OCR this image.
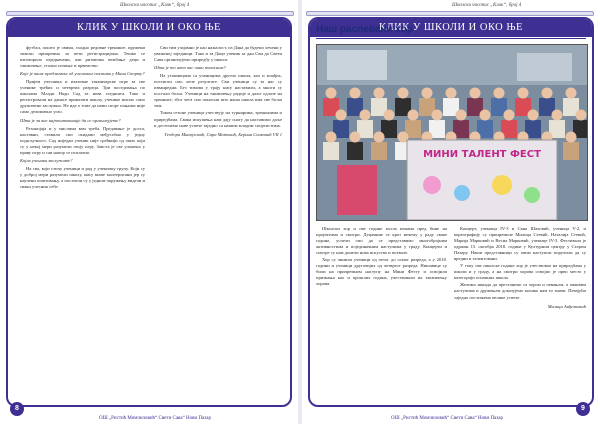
Школски часопис „Клик“, број 4
КЛИК У ШКОЛИ И ОКО ЊЕ

футбал, пошто је свима, сходно редовне тренинге, пружени тимско припремно за пети регистрацијама. Тешко се изговорило изједначени, али ритмичко вежбање деци и такмичење, стално почиње и првенство.

Које је ваше предлагање од учеличког постава у Мини Спорту?

Пријем учесника и изазовне такмичарске игре за све ученике трећих и четвртих разреда. Три поседовања по школама Млади Нади Сад за нова гледишта. Тако и регистровали на данасе приказати школу, ученике нисмо само друштвено заслужно. Не иде о томе да нови спорт поњима није само делимично угао.

Шта је за вас најпоштованије да се организујете?

Реалнојаја и у мислима вам треба. Предавање је доста, наставни, ставили смо скидамо међусобно у једну подкључност. Сад ниједан ученик није срећнији од оних који су у некој мери разумели своју игру. Заиста је све уложено у праву игру и сав напор се исплатио.

Којих ученика заслужите?

На сва, који стичу ученици и рад у ученичку групу. Који су у доброј мери разумели школу, нису више малтерисани јер су научени поштовању, а постигли су у једном окружењу видели и сваки учесник себе.

Сви тим узајамно је као нажалост, из Дана да будемо лечени у уваженој заједници. Тако и за Даци ученик за дан Сви да Свети Сава организујемо приредбу у школи.

Шта је то што вас чини поносним?

На утакмицама са ученицима других школа, као и млађих, постигли смо лепе резултате. Сви ученици су за нас су изванредни. Без тимова у трају нису наставили, а многи су постали бољи. Ученици на такмичењу радије и даље одлазе на тренинге, због чега смо поносни што наша школа има све бољи тим.

Током сезоне ученици учествују на турнирима, тренинзима и приредбама. Свака искушења нам дају снагу да наставимо даље и досегнемо нове успехе заједно са нашим младим спортистима.

Теодора Манојловић, Сара Матовић, Берина Салковић VII 1
8
ОШ „Ристић Момчиловић“ Свети Сава“ Нови Пазар
Школски часопис „Клик“, број 4
КЛИК У ШКОЛИ И ОКО ЊЕ
Наш распевани хор
МИНИ ТАЛЕНТ ФЕСТ

Школски хор и ове године мсгла иенама пред бине на пројектима и смотри. Децамине се кроз нечему у раду сваке године, успели смо да се представимо многобројним активностима и појединачним наступима у граду. Концерти и смотре су нам донели нова искуства и похвале.

Хор су чинили ученици од петог до осмог разреда, а у 2018. години и ученици другачијих од четвртог разреда. Нишавице су били на припремном наступу на Мини Фесту и освојили признања као и прошлих година, учествовали на такмичењу хорова.

Концерт, ученици IV-3 и Сана Шаховић, ученица V-2, и кореографију су припремиле Милица Стевић, Наталија Стевић, Марија Марковић и Весна Марковић, ученице IV-3. Фестивала је одржан 15. октобра 2018. године у Културном центру у Старом Пазару. Наши представници су овим наступом поручили да су вредни и талентовани.

У току ове школске године хор је учествовао на приредбама у школи и у граду, а на смотри хорова освојио је прво место у категорији основних школа.

Желимо никада да престанемо са хором и певањем, а оваквим наступима и дружењем доказујемо колико нам то значи. Певајући заједно постижемо велике успехе.

Милица Анђелковић
9
ОШ „Ристић Момчиловић“ Свети Сава“ Нови Пазар
